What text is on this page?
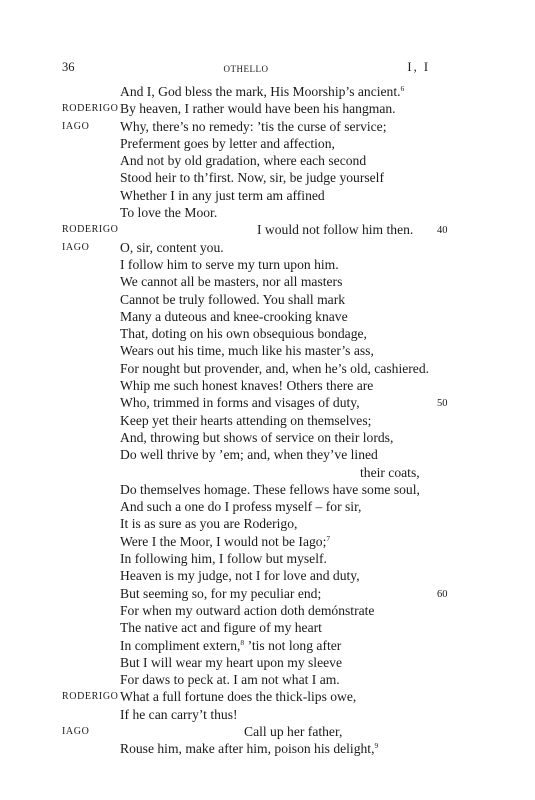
36	othello	I, I
And I, God bless the mark, His Moorship’s ancient.$^6$
RODERIGO By heaven, I rather would have been his hangman.
IAGO Why, there’s no remedy: ’tis the curse of service;
Preferment goes by letter and affection,
And not by old gradation, where each second
Stood heir to th’first. Now, sir, be judge yourself
Whether I in any just term am affined
To love the Moor.
RODERIGO	I would not follow him then. 40
IAGO O, sir, content you.
I follow him to serve my turn upon him.
We cannot all be masters, nor all masters
Cannot be truly followed. You shall mark
Many a duteous and knee-crooking knave
That, doting on his own obsequious bondage,
Wears out his time, much like his master’s ass,
For nought but provender, and, when he’s old, cashiered.
Whip me such honest knaves! Others there are
Who, trimmed in forms and visages of duty,	50
Keep yet their hearts attending on themselves;
And, throwing but shows of service on their lords,
Do well thrive by ’em; and, when they’ve lined
their coats,
Do themselves homage. These fellows have some soul,
And such a one do I profess myself – for sir,
It is as sure as you are Roderigo,
Were I the Moor, I would not be Iago;$^7$
In following him, I follow but myself.
Heaven is my judge, not I for love and duty,
But seeming so, for my peculiar end;	60
For when my outward action doth demónstrate
The native act and figure of my heart
In compliment extern,$^8$ ’tis not long after
But I will wear my heart upon my sleeve
For daws to peck at. I am not what I am.
RODERIGO What a full fortune does the thick-lips owe,
If he can carry’t thus!
IAGO	Call up her father,
Rouse him, make after him, poison his delight,$^9$
